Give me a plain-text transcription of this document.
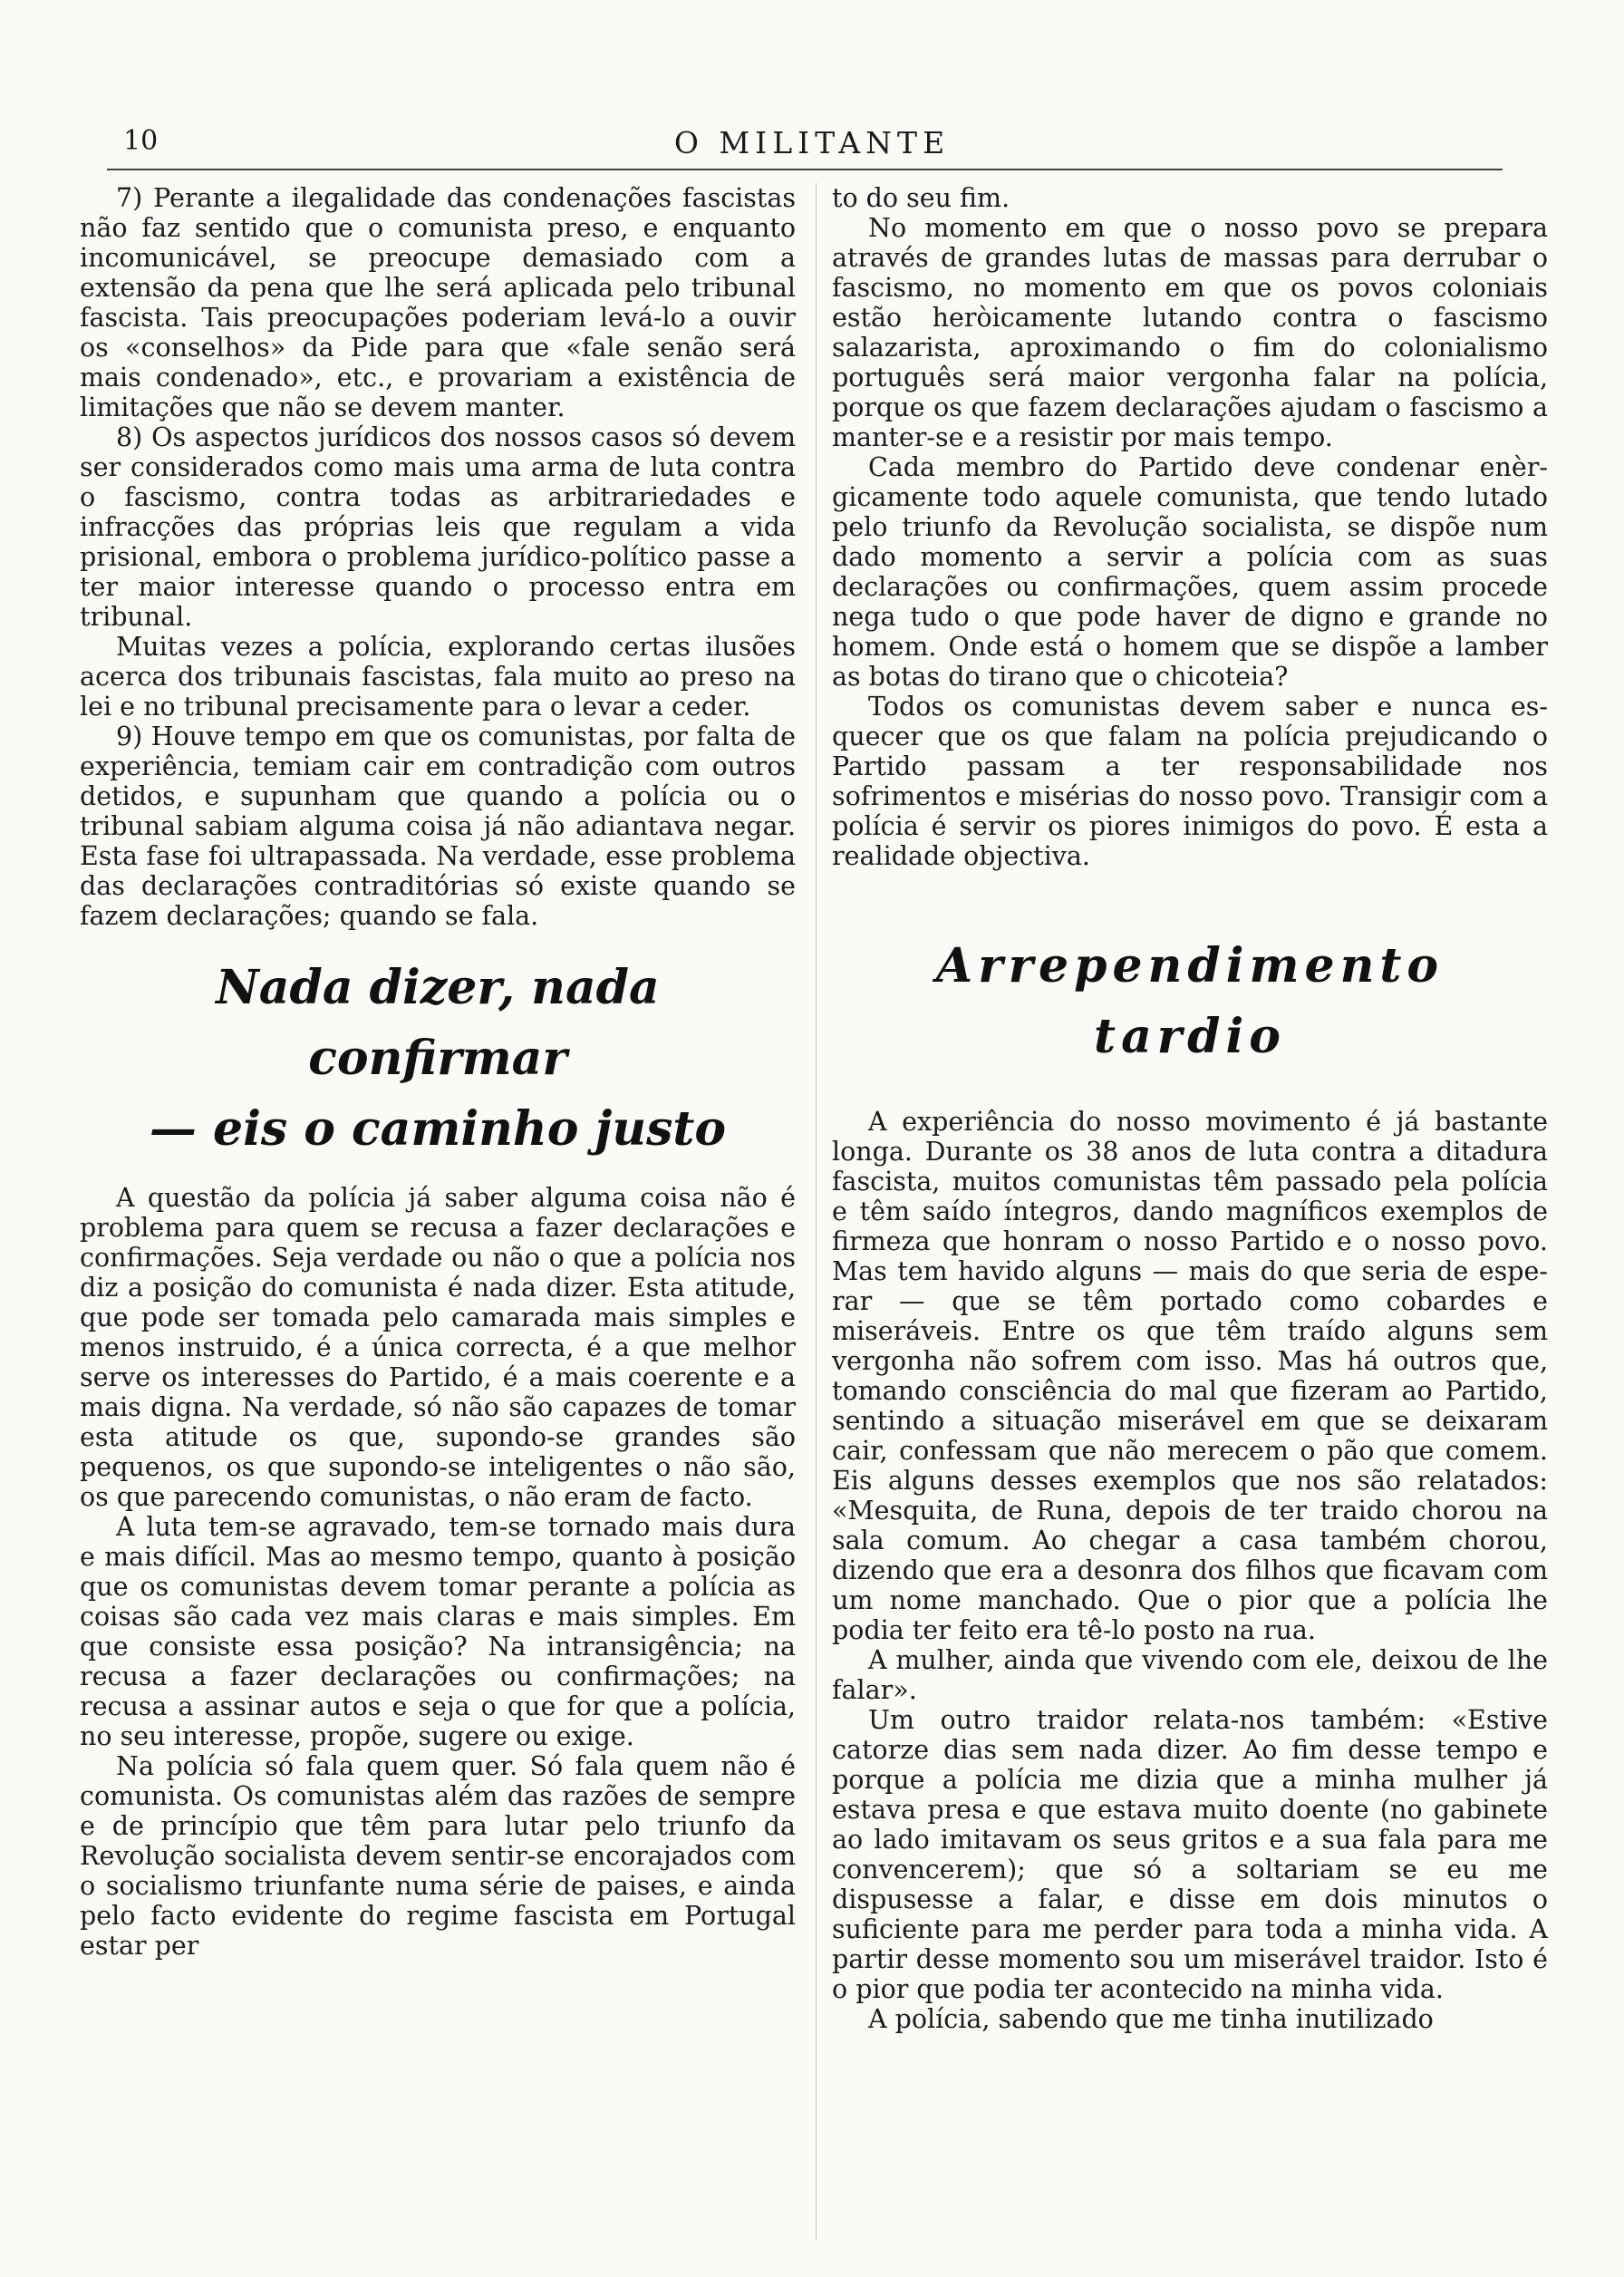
10	O MILITANTE

7) Perante a ilegalidade das condenações fascistas não faz sentido que o comunista preso, e enquanto incomunicável, se preocupe demasiado com a extensão da pena que lhe será aplicada pelo tribunal fascista. Tais preocupações poderiam levá-lo a ouvir os «conselhos» da Pide para que «fale senão será mais condenado», etc., e provariam a existência de limitações que não se devem manter.

8) Os aspectos jurídicos dos nossos casos só devem ser considerados como mais uma arma de luta contra o fascismo, contra todas as arbitrariedades e infracções das próprias leis que regulam a vida prisional, embora o problema jurídico-político passe a ter maior interesse quando o processo entra em tribunal.

Muitas vezes a polícia, explorando certas ilusões acerca dos tribunais fascistas, fala muito ao preso na lei e no tribunal precisamente para o levar a ceder.

9) Houve tempo em que os comunistas, por falta de experiência, temiam cair em contradição com outros detidos, e supunham que quando a polícia ou o tribunal sabiam alguma coisa já não adiantava negar. Esta fase foi ultrapassada. Na verdade, esse problema das declarações contraditórias só existe quando se fazem declarações; quando se fala.

Nada dizer, nada confirmar
— eis o caminho justo

A questão da polícia já saber alguma coisa não é problema para quem se recusa a fazer declarações e confirmações. Seja verdade ou não o que a polícia nos diz a posição do comunista é nada dizer. Esta atitude, que pode ser tomada pelo camarada mais simples e menos instruido, é a única correcta, é a que melhor serve os interesses do Partido, é a mais coerente e a mais digna. Na verdade, só não são capazes de tomar esta atitude os que, supondo-se grandes são pequenos, os que supondo-se inteligentes o não são, os que parecendo comunistas, o não eram de facto.

A luta tem-se agravado, tem-se tornado mais dura e mais difícil. Mas ao mesmo tempo, quanto à posição que os comunistas devem tomar perante a polícia as coisas são cada vez mais claras e mais simples. Em que consiste essa posição? Na intransigência; na recusa a fazer declarações ou confirmações; na recusa a assinar autos e seja o que for que a polícia, no seu interesse, propõe, sugere ou exige.

Na polícia só fala quem quer. Só fala quem não é comunista. Os comunistas além das razões de sempre e de princípio que têm para lutar pelo triunfo da Revolução socialista devem sentir-se encorajados com o socialismo triunfante numa série de paises, e ainda pelo facto evidente do regime fascista em Portugal estar per

to do seu fim.

No momento em que o nosso povo se prepara através de grandes lutas de massas para derrubar o fascismo, no momento em que os povos coloniais estão heròicamente lutando contra o fascismo salazarista, aproximando o fim do colonialismo português será maior vergonha falar na polícia, porque os que fazem declarações ajudam o fascismo a manter-se e a resistir por mais tempo.

Cada membro do Partido deve condenar enèrgicamente todo aquele comunista, que tendo lutado pelo triunfo da Revolução socialista, se dispõe num dado momento a servir a polícia com as suas declarações ou confirmações, quem assim procede nega tudo o que pode haver de digno e grande no homem. Onde está o homem que se dispõe a lamber as botas do tirano que o chicoteia?

Todos os comunistas devem saber e nunca esquecer que os que falam na polícia prejudicando o Partido passam a ter responsabilidade nos sofrimentos e misérias do nosso povo. Transigir com a polícia é servir os piores inimigos do povo. É esta a realidade objectiva.

Arrependimento tardio

A experiência do nosso movimento é já bastante longa. Durante os 38 anos de luta contra a ditadura fascista, muitos comunistas têm passado pela polícia e têm saído íntegros, dando magníficos exemplos de firmeza que honram o nosso Partido e o nosso povo. Mas tem havido alguns — mais do que seria de esperar — que se têm portado como cobardes e miseráveis. Entre os que têm traído alguns sem vergonha não sofrem com isso. Mas há outros que, tomando consciência do mal que fizeram ao Partido, sentindo a situação miserável em que se deixaram cair, confessam que não merecem o pão que comem. Eis alguns desses exemplos que nos são relatados: «Mesquita, de Runa, depois de ter traido chorou na sala comum. Ao chegar a casa também chorou, dizendo que era a desonra dos filhos que ficavam com um nome manchado. Que o pior que a polícia lhe podia ter feito era tê-lo posto na rua.

A mulher, ainda que vivendo com ele, deixou de lhe falar».

Um outro traidor relata-nos também: «Estive catorze dias sem nada dizer. Ao fim desse tempo e porque a polícia me dizia que a minha mulher já estava presa e que estava muito doente (no gabinete ao lado imitavam os seus gritos e a sua fala para me convencerem); que só a soltariam se eu me dispusesse a falar, e disse em dois minutos o suficiente para me perder para toda a minha vida. A partir desse momento sou um miserável traidor. Isto é o pior que podia ter acontecido na minha vida.

A polícia, sabendo que me tinha inutilizado
